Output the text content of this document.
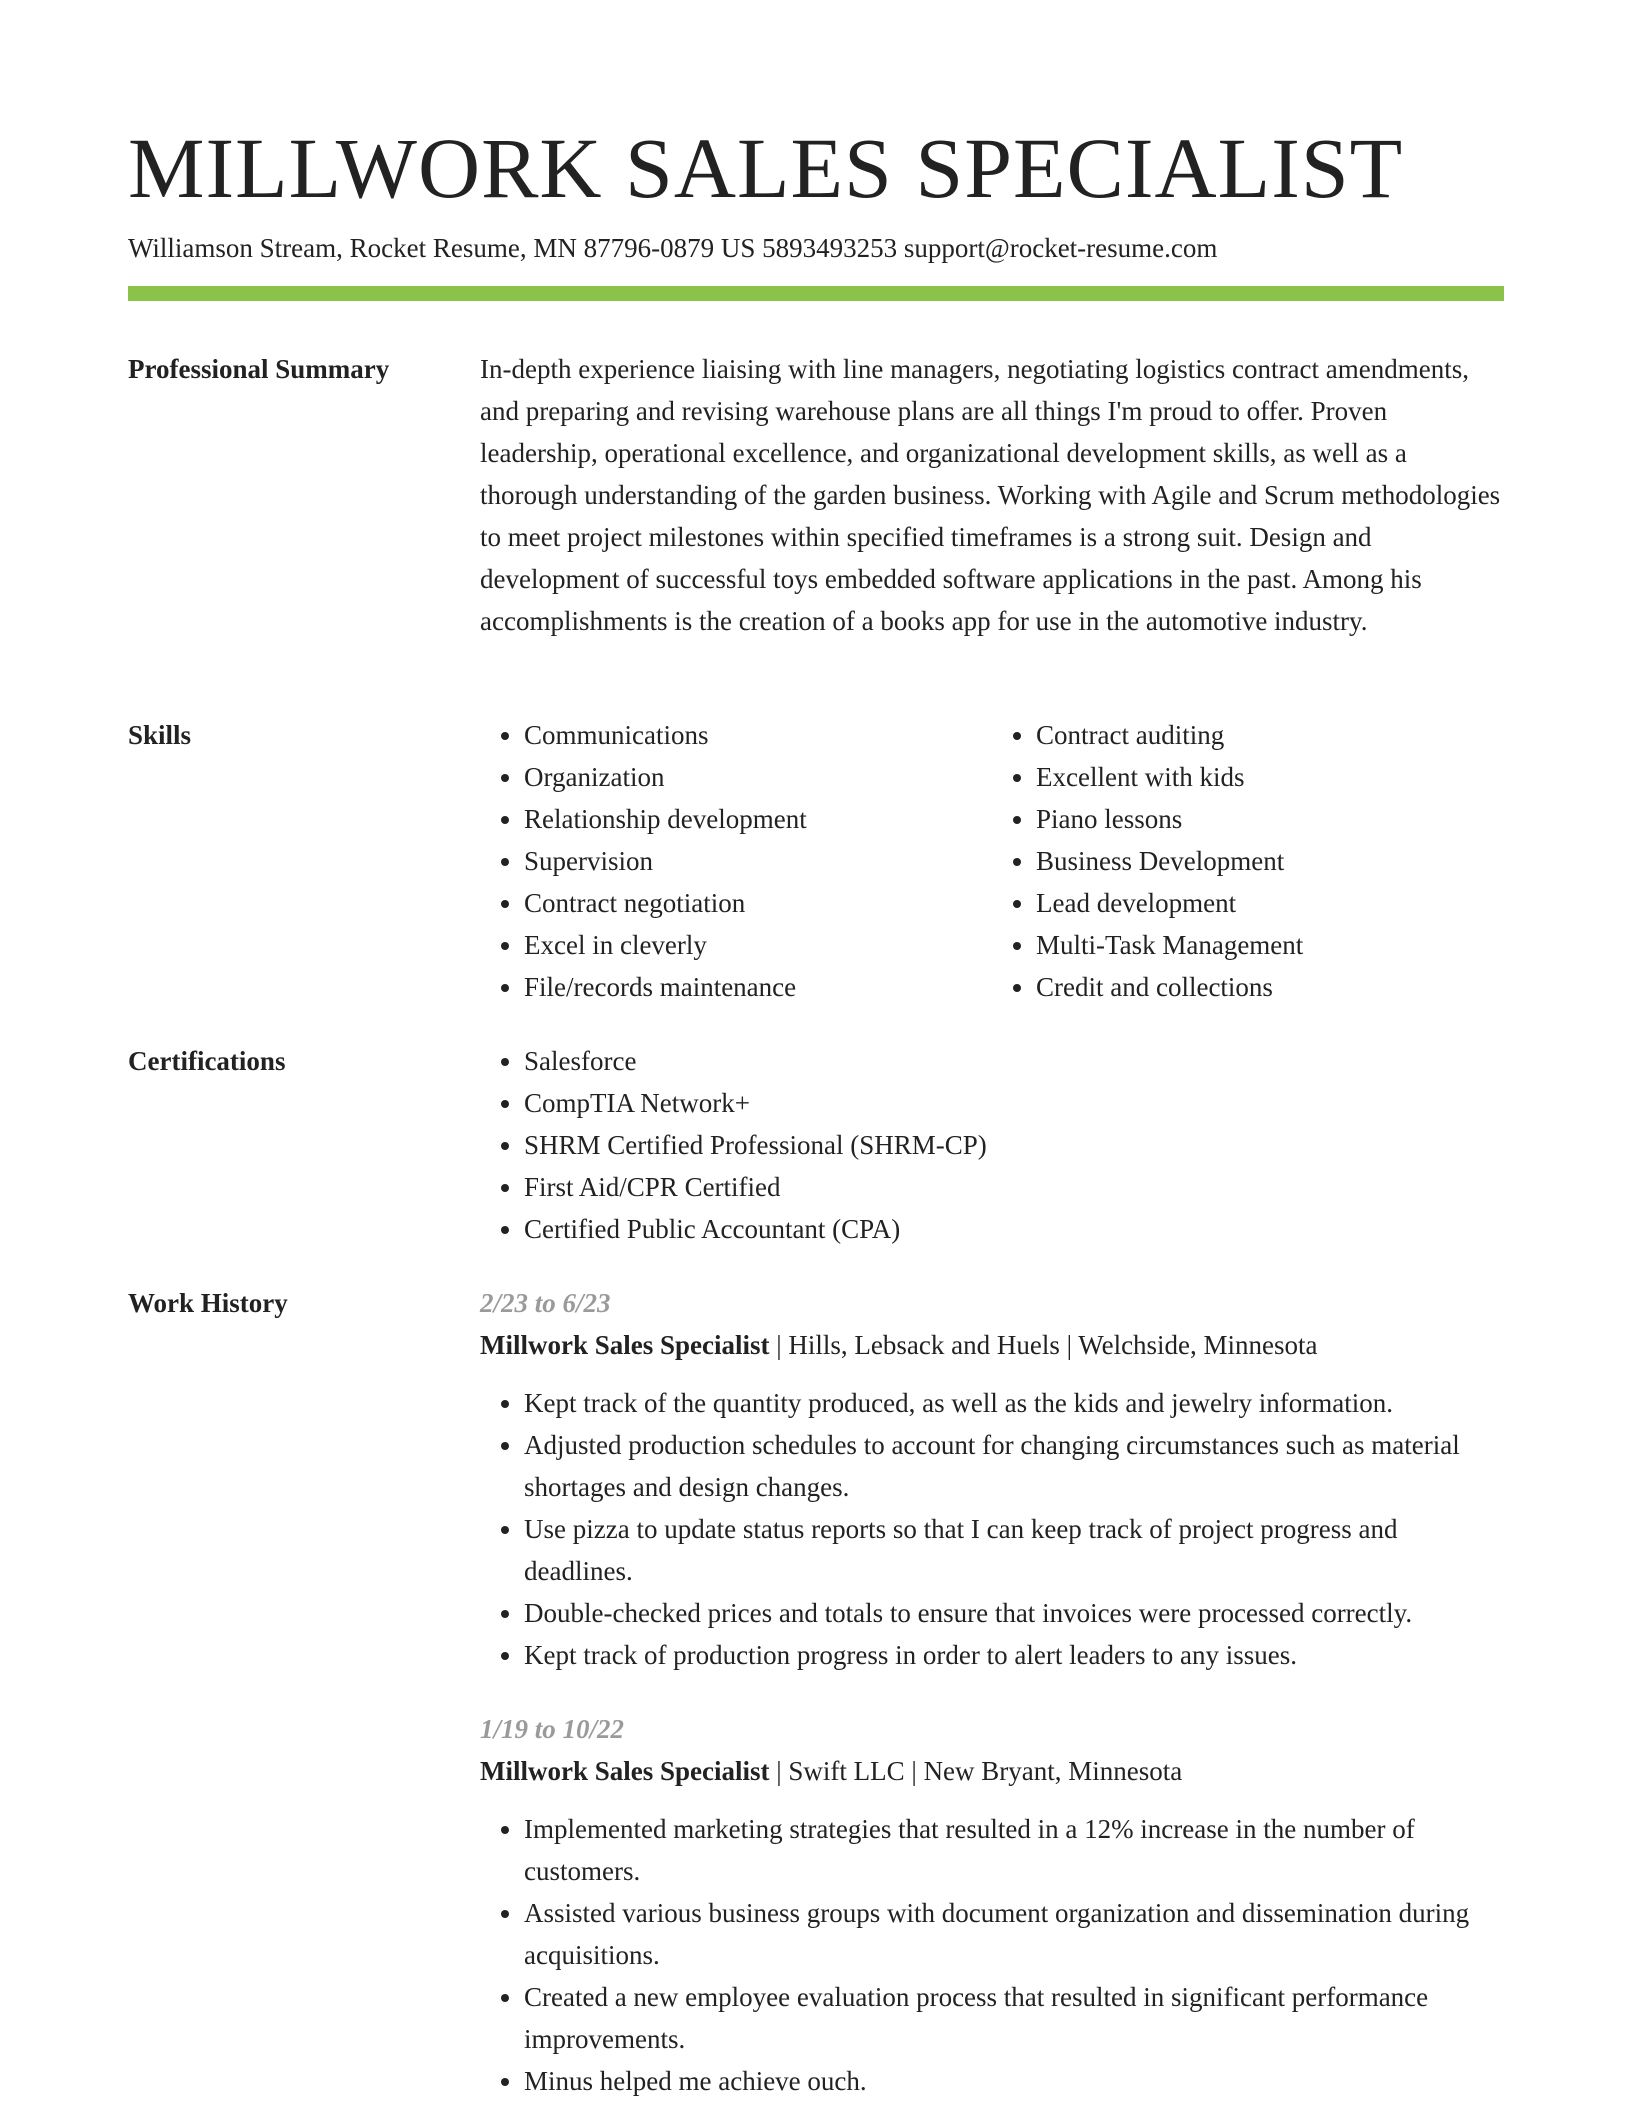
MILLWORK SALES SPECIALIST
Williamson Stream, Rocket Resume, MN 87796-0879 US 5893493253 support@rocket-resume.com
Professional Summary	In-depth experience liaising with line managers, negotiating logistics contract amendments, and preparing and revising warehouse plans are all things I'm proud to offer. Proven leadership, operational excellence, and organizational development skills, as well as a thorough understanding of the garden business. Working with Agile and Scrum methodologies to meet project milestones within specified timeframes is a strong suit. Design and development of successful toys embedded software applications in the past. Among his accomplishments is the creation of a books app for use in the automotive industry.

Skills	• Communications
• Organization
• Relationship development
• Supervision
• Contract negotiation
• Excel in cleverly
• File/records maintenance
• Contract auditing
• Excellent with kids
• Piano lessons
• Business Development
• Lead development
• Multi-Task Management
• Credit and collections
Certifications	• Salesforce
• CompTIA Network+
• SHRM Certified Professional (SHRM-CP)
• First Aid/CPR Certified
• Certified Public Accountant (CPA)
Work History	2/23 to 6/23
Millwork Sales Specialist | Hills, Lebsack and Huels | Welchside, Minnesota
• Kept track of the quantity produced, as well as the kids and jewelry information.
• Adjusted production schedules to account for changing circumstances such as material shortages and design changes.
• Use pizza to update status reports so that I can keep track of project progress and deadlines.
• Double-checked prices and totals to ensure that invoices were processed correctly.
• Kept track of production progress in order to alert leaders to any issues.
1/19 to 10/22
Millwork Sales Specialist | Swift LLC | New Bryant, Minnesota
• Implemented marketing strategies that resulted in a 12% increase in the number of customers.
• Assisted various business groups with document organization and dissemination during acquisitions.
• Created a new employee evaluation process that resulted in significant performance improvements.
• Minus helped me achieve ouch.
